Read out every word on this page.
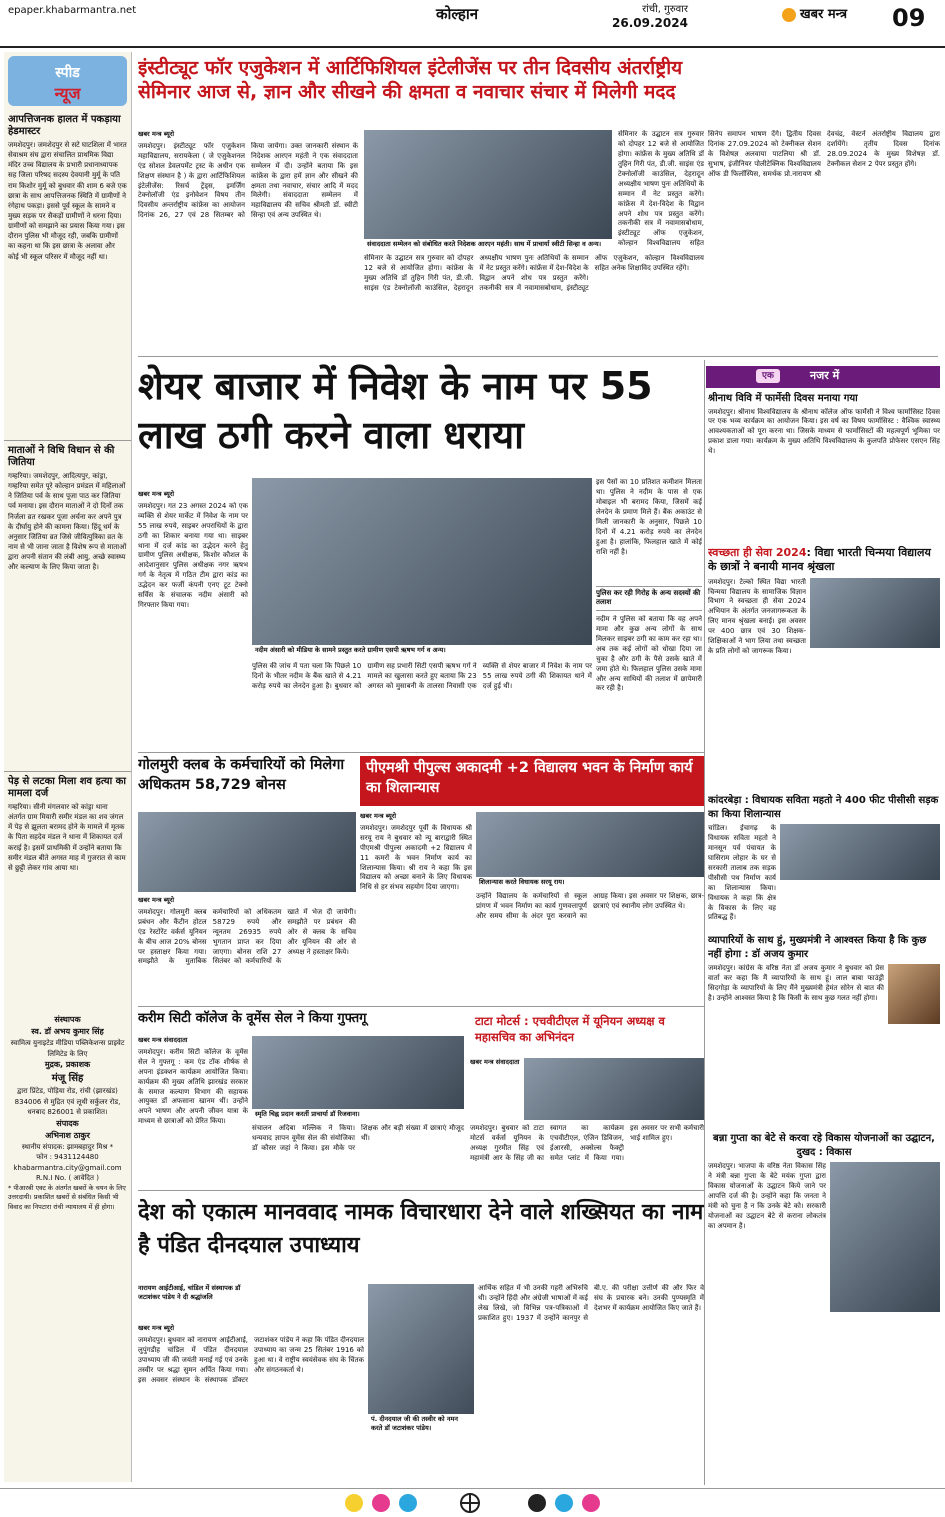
epaper.khabarmantra.net	कोल्हान	रांची, गुरुवार
26.09.2024
खबर मन्त्र 09
स्पीड
न्यूज
आपत्तिजनक हालत में पकड़ाया हेडमास्टर
जमशेदपुर। जमशेदपुर से सटे घाटशिला में भारत सेवाश्रम संघ द्वारा संचालित प्राथमिक विद्या मंदिर उच्च विद्यालय के प्रभारी प्रधानाध्यापक सह जिला परिषद सदस्य देवयानी मुर्मू के पति राम किशोर मुर्मू को बुधवार की शाम 6 बजे एक छात्रा के साथ आपत्तिजनक स्थिति में ग्रामीणों ने रंगेहाथ पकड़ा। इससे पूर्व स्कूल के सामने व मुख्य सड़क पर सैकड़ों ग्रामीणों ने धरना दिया। ग्रामीणों को समझाने का प्रयास किया गया। इस दौरान पुलिस भी मौजूद रही, जबकि ग्रामीणों का कहना था कि इस छात्रा के अलावा और कोई भी स्कूल परिसर में मौजूद नहीं था।
माताओं ने विधि विधान से की जितिया
गम्हरिया। जमशेदपुर, आदित्यपुर, कांड्रा, गम्हरिया समेत पूरे कोल्हान प्रमंडल में महिलाओं ने जितिया पर्व के साथ पूजा पाठ कर जितिया पर्व मनाया। इस दौरान माताओं ने दो दिनों तक निर्जला व्रत रखकर पूजा अर्चना कर अपने पुत्र के दीर्घायु होने की कामना किया। हिंदू धर्म के अनुसार जितिया व्रत जिसे जीवित्पुत्रिका व्रत के नाम से भी जाना जाता है विशेष रूप से माताओं द्वारा अपनी संतान की लंबी आयु, अच्छे स्वास्थ्य और कल्याण के लिए किया जाता है।
पेड़ से लटका मिला शव हत्या का मामला दर्ज
गम्हरिया। सीनी मंगलवार को कांड्रा थाना अंतर्गत ग्राम मियारी समीर मंडल का शव जंगल में पेड़ से झूलता बरामद होने के मामले में मृतक के पिता सहदेव मंडल ने थाना में शिकायत दर्ज कराई है। इसमें प्राथमिकी में उन्होंने बताया कि समीर मंडल बीते अगस्त माह में गुजरात से काम से छुट्टी लेकर गांव आया था।
संस्थापक
स्व. डॉ अभय कुमार सिंह
स्वामित्व युनाइटेड मीडिया पब्लिकेशन्स प्राइवेट लिमिटेड के लिए
मुद्रक, प्रकाशक
मंजू सिंह
द्वारा प्रिंटेड, पोड़िया रोड, रांची (झारखंड) 834006 से मुद्रित एवं लूथी सर्कुलर रोड, धनबाद 826001 से प्रकाशित।
संपादक
अभिनाश ठाकुर
स्थानीय संपादक: झामबहादुर मिश्र *
फोन : 9431124480
khabarmantra.city@gmail.com
R.N.I No. ( आवेदित )
* पीआरबी एक्ट के अंतर्गत खबरों के चयन के लिए उत्तरदायी। प्रकाशित खबरों से संबंधित किसी भी विवाद का निपटारा रांची न्यायालय में ही होगा।
इंस्टीट्यूट फॉर एजुकेशन में आर्टिफिशियल इंटेलीजेंस पर तीन दिवसीय अंतर्राष्ट्रीय सेमिनार आज से, ज्ञान और सीखने की क्षमता व नवाचार संचार में मिलेगी मदद
खबर मन्त्र ब्यूरो
जमशेदपुर। इंस्टीट्यूट फॉर एजुकेशन महाविद्यालय, सरायकेला ( जे एजुकेशनल एंड सोशल डेवलपमेंट ट्रस्ट के अधीन एक शिक्षण संस्थान है ) के द्वारा आर्टिफिशियल इंटेलीजेंस: रिसर्च ट्रेंड्स, इमर्जिंग टेक्नोलॉजी एंड इनोवेशन विषय तीन दिवसीय अन्तर्राष्ट्रीय कांफ्रेंस का आयोजन दिनांक 26, 27 एवं 28 सितम्बर को किया जायेगा। उक्त जानकारी संस्थान के निदेशक आरएन महंती ने एक संवाददाता सम्मेलन में दी। उन्होंने बताया कि इस कांफ्रेंस के द्वारा हमें ज्ञान और सीखने की क्षमता तथा नवाचार, संचार आदि में मदद मिलेगी। संवाददाता सम्मेलन में महाविद्यालय की सचिव श्रीमती डॉ. स्वीटी सिन्हा एवं अन्य उपस्थित थे।
संवाददाता सम्मेलन को संबोधित करते निदेशक आरएन महंती। साथ में प्राचार्या स्वीटी सिन्हा व अन्य।
सेमिनार के उद्घाटन सत्र गुरुवार को दोपहर 12 बजे से आयोजित होगा। कांफ्रेंस के मुख्य अतिथि डॉ तुहिन गिरी पंत, डी.जी. साइंस एंड टेक्नोलॉजी काउंसिल, देहरादून अध्यक्षीय भाषण पुनः अतिथियों के सम्मान में नेट प्रस्तुत करेंगे। कांफ्रेंस में देश-विदेश के विद्वान अपने शोध पत्र प्रस्तुत करेंगे। तकनीकी सत्र में नवामासबोधाम, इंस्टीट्यूट ऑफ एजुकेशन, कोल्हान विश्वविद्यालय सहित अनेक शिक्षाविद उपस्थित रहेंगे।
सेमिनार के उद्घाटन सत्र गुरुवार को दोपहर 12 बजे से आयोजित होगा। कांफ्रेंस के मुख्य अतिथि डॉ तुहिन गिरी पंत, डी.जी. साइंस एंड टेक्नोलॉजी काउंसिल, देहरादून अध्यक्षीय भाषण पुनः अतिथियों के सम्मान में नेट प्रस्तुत करेंगे। कांफ्रेंस में देश-विदेश के विद्वान अपने शोध पत्र प्रस्तुत करेंगे। तकनीकी सत्र में नवामासबोधाम, इंस्टीट्यूट ऑफ एजुकेशन, कोल्हान विश्वविद्यालय सहित
सिनेप समापन भाषण देंगे। द्वितीय दिवस दिनांक 27.09.2024 को टेक्नीकल सेशन के विशेषज्ञ अलवाया पाटलिया श्री डॉ. सुभाष, इंजीनियर पोलीटेक्निक विश्वविद्यालय ऑफ डी फिलॉस्पिस, समर्थक प्रो.नारायण श्री देवचंद्र, वेस्टर्न अंतर्राष्ट्रीय विद्यालय द्वारा दर्शायेंगे। तृतीय दिवस दिनांक 28.09.2024 के मुख्य विशेषज्ञ डॉ. टेक्नीकल सेशन 2 पेपर प्रस्तुत होंगे।
शेयर बाजार में निवेश के नाम पर 55 लाख ठगी करने वाला धराया
खबर मन्त्र ब्यूरो
जमशेदपुर। गत 23 अगस्त 2024 को एक व्यक्ति से शेयर मार्केट में निवेश के नाम पर 55 लाख रुपये, साइबर अपराधियों के द्वारा ठगी का शिकार बनाया गया था। साइबर थाना में दर्ज कांड का उद्भेदन करने हेतु ग्रामीण पुलिस अधीक्षक, किशोर कौशल के आदेशानुसार पुलिस अधीक्षक नगर ऋषभ गर्ग के नेतृत्व में गठित टीम द्वारा कांड का उद्भेदन कर फर्जी कंपनी एनए टूट टेक्नो सर्विस के संचालक नदीम अंसारी को गिरफ्तार किया गया।
नदीम अंसारी को मीडिया के सामने प्रस्तुत करते ग्रामीण एसपी ऋषभ गर्ग व अन्य।
पुलिस की जांच में पता चला कि पिछले 10 दिनों के भीतर नदीम के बैंक खाते से 4.21 करोड़ रुपये का लेनदेन हुआ है। बुधवार को ग्रामीण सह प्रभारी सिटी एसपी ऋषभ गर्ग ने मामले का खुलासा करते हुए बताया कि 23 अगस्त को मुसाबनी के तालसा निवासी एक व्यक्ति से शेयर बाजार में निवेश के नाम पर 55 लाख रुपये ठगी की शिकायत थाने में दर्ज हुई थी।
इस पैसों का 10 प्रतिशत कमीशन मिलता था। पुलिस ने नदीम के पास से एक मोबाइल भी बरामद किया, जिसमें कई लेनदेन के प्रमाण मिले हैं। बैंक अकाउंट से मिली जानकारी के अनुसार, पिछले 10 दिनों में 4.21 करोड़ रुपये का लेनदेन हुआ है। हालांकि, फिलहाल खाते में कोई राशि नहीं है।
पुलिस कर रही गिरोह के अन्य सदस्यों की तलाश
नदीम ने पुलिस को बताया कि वह अपने मामा और कुछ अन्य लोगों के साथ मिलकर साइबर ठगी का काम कर रहा था। अब तक कई लोगों को धोखा दिया जा चुका है और ठगी के पैसे उसके खाते में जमा होते थे। फिलहाल पुलिस उसके मामा और अन्य साथियों की तलाश में छापेमारी कर रही है।
गोलमुरी क्लब के कर्मचारियों को मिलेगा अधिकतम 58,729 बोनस
खबर मन्त्र ब्यूरो
जमशेदपुर। गोलमुरी क्लब प्रबंधन और कैंटीन होटल एंड रेस्टोरेंट वर्कर्स यूनियन के बीच आज 20% बोनस पर हस्ताक्षर किया गया। समझौते के मुताबिक कर्मचारियों को अधिकतम 58729 रुपये और न्यूनतम 26935 रुपये भुगतान प्राप्त कर दिया जाएगा। बोनस राशि 27 सितंबर को कर्मचारियों के खाते में भेज दी जायेगी। समझौते पर प्रबंधन की ओर से क्लब के सचिव और यूनियन की ओर से अध्यक्ष ने हस्ताक्षर किये।
पीएमश्री पीपुल्स अकादमी +2 विद्यालय भवन के निर्माण कार्य का शिलान्यास
खबर मन्त्र ब्यूरो
जमशेदपुर। जमशेदपुर पूर्वी के विधायक श्री सरयू राय ने बुधवार को न्यू बाराद्वारी स्थित पीएमश्री पीपुल्स अकादमी +2 विद्यालय में 11 कमरों के भवन निर्माण कार्य का शिलान्यास किया। श्री राय ने कहा कि इस विद्यालय को अच्छा बनाने के लिए विधायक निधि से हर संभव सहयोग दिया जाएगा।
शिलान्यास करते विधायक सरयू राय।
उन्होंने विद्यालय के कर्मचारियों से स्कूल प्रांगण में भवन निर्माण का कार्य गुणवत्तापूर्ण और समय सीमा के अंदर पूरा करवाने का आग्रह किया। इस अवसर पर शिक्षक, छात्र-छात्राएं एवं स्थानीय लोग उपस्थित थे।
करीम सिटी कॉलेज के वूमेंस सेल ने किया गुफ्तगू
खबर मन्त्र संवाददाता
जमशेदपुर। करीम सिटी कॉलेज के वूमेंस सेल ने गुफ्तगू : कम एंड टॉक शीर्षक से अपना इंडक्शन कार्यक्रम आयोजित किया। कार्यक्रम की मुख्य अतिथि झारखंड सरकार के समाज कल्याण विभाग की सहायक आयुक्त डॉ अफसाना खानम थीं। उन्होंने अपने भाषण और अपनी जीवन यात्रा के माध्यम से छात्राओं को प्रेरित किया।
स्मृति चिह्न प्रदान करतीं प्राचार्या डॉ रिजवाना।
संचालन अदिबा मल्लिक ने किया। धन्यवाद ज्ञापन वूमेंस सेल की संयोजिका डॉ कौसर जहां ने किया। इस मौके पर शिक्षक और बड़ी संख्या में छात्राएं मौजूद थीं।
टाटा मोटर्स : एचवीटीएल में यूनियन अध्यक्ष व महासचिव का अभिनंदन
खबर मन्त्र संवाददाता
जमशेदपुर। बुधवार को टाटा मोटर्स वर्कर्स यूनियन के अध्यक्ष गुरमीत सिंह एवं महामंत्री आर के सिंह जी का स्वागत का कार्यक्रम एचवीटीएल, एंजिन डिविजन, ईआरसी, अक्सेल्स फैक्ट्री समेत प्लांट में किया गया। इस अवसर पर सभी कर्मचारी भाई शामिल हुए।
देश को एकात्म मानववाद नामक विचारधारा देने वाले शख्सियत का नाम है पंडित दीनदयाल उपाध्याय
नारायण आईटीआई, चांडिल में संस्थापक डॉ जटाशंकर पांडेय ने दी श्रद्धांजलि
खबर मन्त्र ब्यूरो
जमशेदपुर। बुधवार को नारायण आईटीआई, लुपुंगडीह चांडिल में पंडित दीनदयाल उपाध्याय जी की जयंती मनाई गई एवं उनके तस्वीर पर श्रद्धा सुमन अर्पित किया गया। इस अवसर संस्थान के संस्थापक डॉक्टर जटाशंकर पांडेय ने कहा कि पंडित दीनदयाल उपाध्याय का जन्म 25 सितंबर 1916 को हुआ था। वे राष्ट्रीय स्वयंसेवक संघ के चिंतक और संगठनकर्ता थे।
पं. दीनदयाल जी की तस्वीर को नमन करते डॉ जटाशंकर पांडेय।
आर्थिक सहित में भी उनकी गहरी अभिरुचि थी। उन्होंने हिंदी और अंग्रेजी भाषाओं में कई लेख लिखे, जो विभिन्न पत्र-पत्रिकाओं में प्रकाशित हुए। 1937 में उन्होंने कानपुर से बी.ए. की परीक्षा उत्तीर्ण की और फिर वे संघ के प्रचारक बने। उनकी पुण्यस्मृति में देशभर में कार्यक्रम आयोजित किए जाते हैं।
एक	नजर में
श्रीनाथ विवि में फार्मेसी दिवस मनाया गया
जमशेदपुर। श्रीनाथ विश्वविद्यालय के श्रीनाथ कॉलेज ऑफ फार्मेसी ने विश्व फार्मासिस्ट दिवस पर एक भव्य कार्यक्रम का आयोजन किया। इस वर्ष का विषय फार्मासिस्ट : वैश्विक स्वास्थ्य आवश्यकताओं को पूरा करना था। जिसके माध्यम से फार्मासिस्टों की महत्वपूर्ण भूमिका पर प्रकाश डाला गया। कार्यक्रम के मुख्य अतिथि विश्वविद्यालय के कुलपति प्रोफेसर एसएन सिंह थे।
स्वच्छता ही सेवा 2024: विद्या भारती चिन्मया विद्यालय के छात्रों ने बनायी मानव श्रृंखला
जमशेदपुर। टेल्को स्थित विद्या भारती चिन्मया विद्यालय के सामाजिक विज्ञान विभाग ने स्वच्छता ही सेवा 2024 अभियान के अंतर्गत जनजागरूकता के लिए मानव श्रृंखला बनाई। इस अवसर पर 400 छात्र एवं 30 शिक्षक-शिक्षिकाओं ने भाग लिया तथा स्वच्छता के प्रति लोगों को जागरूक किया।
कांदरबेड़ा : विधायक सविता महतो ने 400 फीट पीसीसी सड़क का किया शिलान्यास
चांडिल। ईचागढ़ के विधायक सविता महतो ने मानसून पर्व पंचायत के घासिराम लोहार के घर से सरकारी तालाब तक सड़क पीसीसी पथ निर्माण कार्य का शिलान्यास किया। विधायक ने कहा कि क्षेत्र के विकास के लिए वह प्रतिबद्ध हैं।
व्यापारियों के साथ हुं, मुख्यमंत्री ने आश्वस्त किया है कि कुछ नहीं होगा : डॉ अजय कुमार
जमशेदपुर। कांग्रेस के वरिष्ठ नेता डॉ अजय कुमार ने बुधवार को प्रेस वार्ता कर कहा कि मैं व्यापारियों के साथ हूं। लाल बाबा फाउंड्री सिदगोड़ा के व्यापारियों के लिए मैंने मुख्यमंत्री हेमंत सोरेन से बात की है। उन्होंने आश्वस्त किया है कि किसी के साथ कुछ गलत नहीं होगा।
बन्ना गुप्ता का बेटे से करवा रहे विकास योजनाओं का उद्घाटन, दुखद : विकास
जमशेदपुर। भाजपा के वरिष्ठ नेता विकास सिंह ने मंत्री बन्ना गुप्ता के बेटे मयंक गुप्ता द्वारा विकास योजनाओं के उद्घाटन किये जाने पर आपत्ति दर्ज की है। उन्होंने कहा कि जनता ने मंत्री को चुना है न कि उनके बेटे को। सरकारी योजनाओं का उद्घाटन बेटे से कराना लोकतंत्र का अपमान है।
